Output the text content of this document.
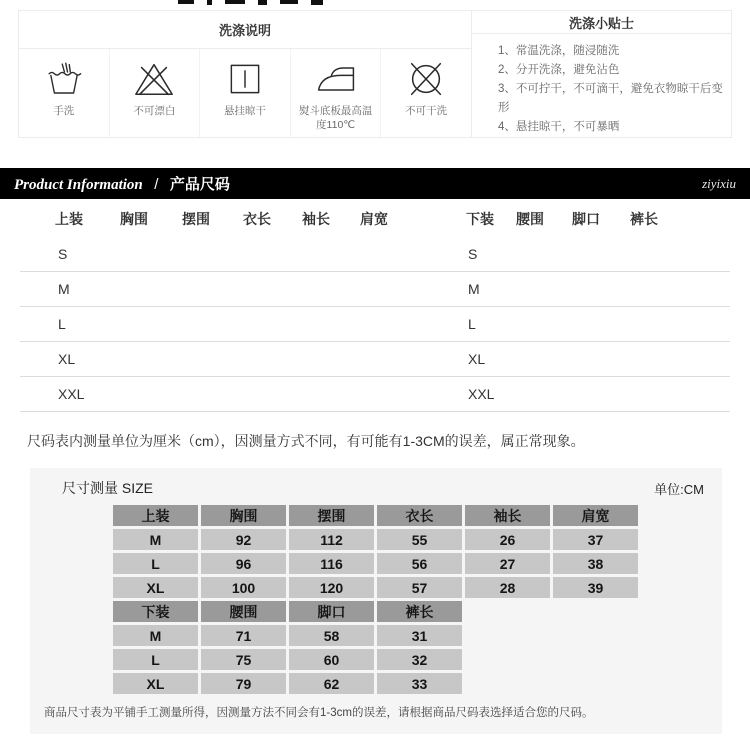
洗涤说明
手洗	不可漂白	悬挂晾干	熨斗底板最高温度110℃
不可干洗
洗涤小贴士
1、常温洗涤，随浸随洗
2、分开洗涤，避免沾色
3、不可拧干，不可滴干，避免衣物晾干后变形
4、悬挂晾干，不可暴晒
Product Information / 产品尺码	ziyixiu
上装	胸围 摆围 衣长 袖长 肩宽	下装 腰围 脚口 裤长
S	S
M	M
L	L
XL	XL
XXL	XXL
尺码表内测量单位为厘米（cm），因测量方式不同，有可能有1-3CM的误差，属正常现象。
尺寸测量 SIZE	单位:CM
上装	胸围	摆围	衣长	袖长	肩宽
M	92	112	55	26	37
L	96	116	56	27	38
XL	100	120	57	28	39
下装	腰围	脚口	裤长
M	71	58	31
L	75	60	32
XL	79	62	33
商品尺寸表为平铺手工测量所得，因测量方法不同会有1-3cm的误差，请根据商品尺码表选择适合您的尺码。
